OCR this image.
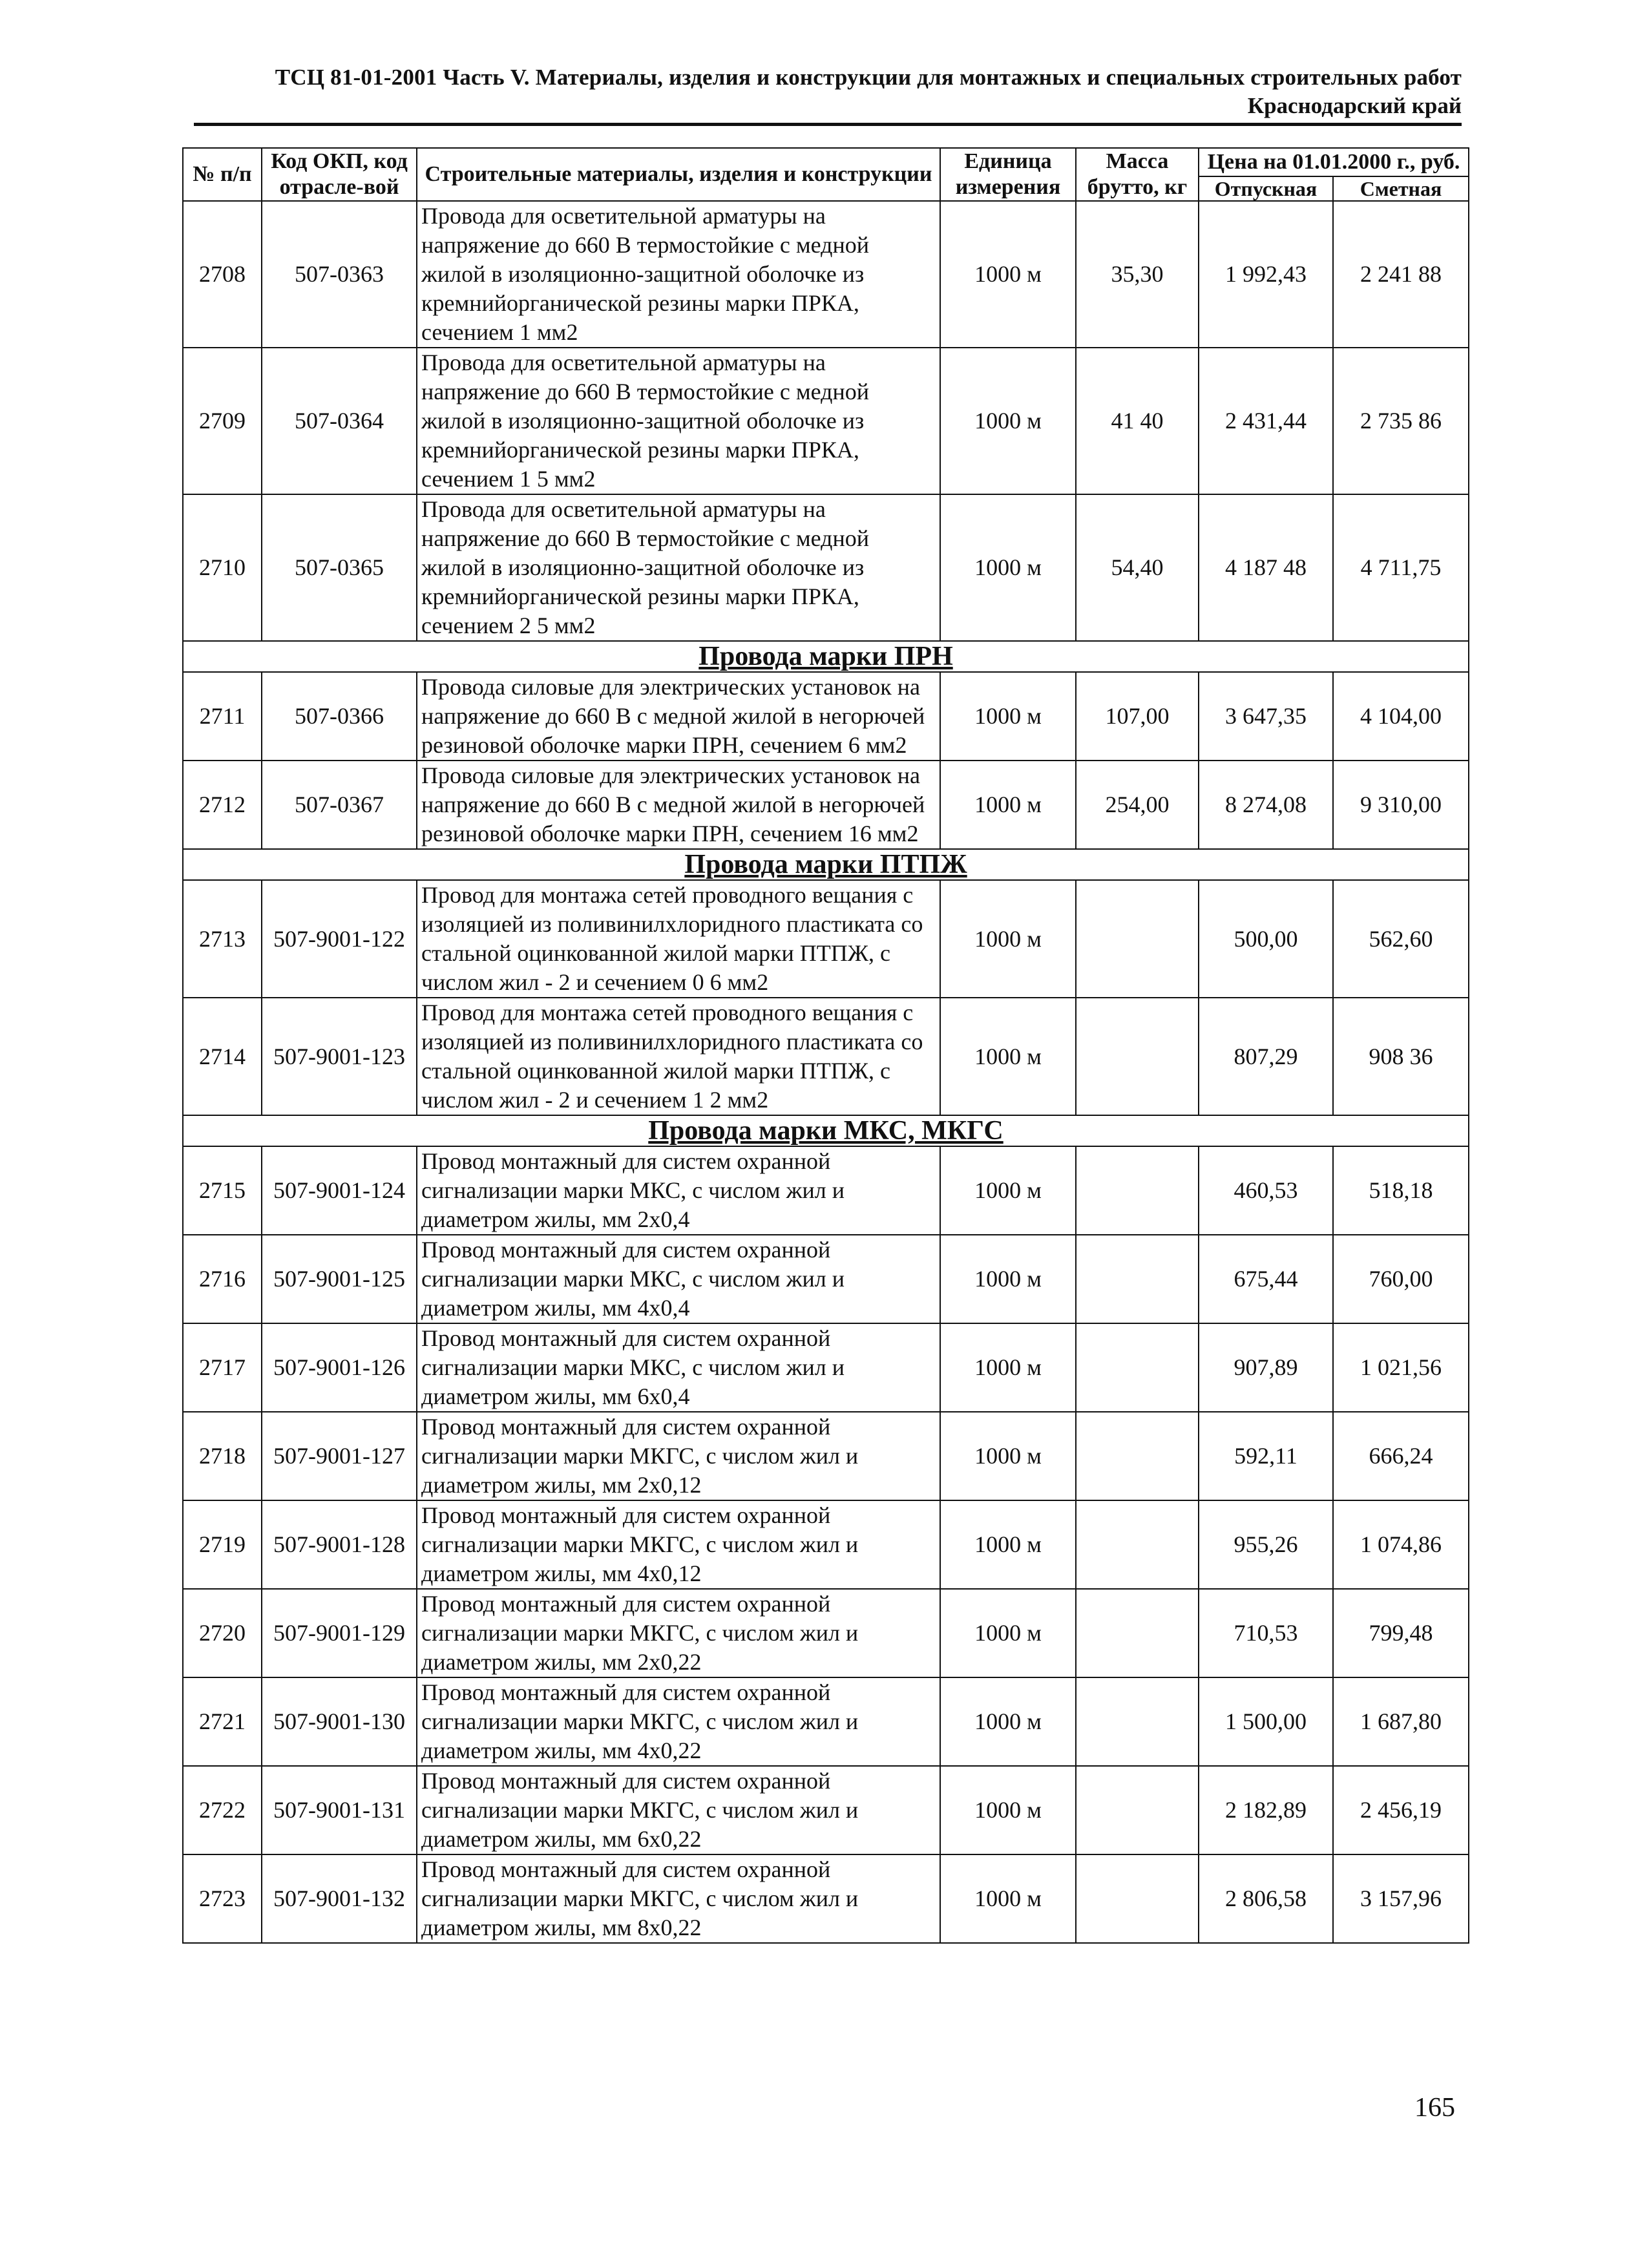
ТСЦ 81-01-2001 Часть V. Материалы, изделия и конструкции для монтажных и специальных строительных работ
Краснодарский край
№ п/п	Код ОКП, код отрасле-вой	Строительные материалы, изделия и конструкции	Единица измерения	Масса брутто, кг	Цена на 01.01.2000 г., руб.	
					Отпускная	Сметная
2708	507-0363	Провода для осветительной арматуры на напряжение до 660 В термостойкие с медной жилой в изоляционно-защитной оболочке из кремнийорганической резины марки ПРКА, сечением 1 мм2	1000 м	35,30	1 992,43	2 241 88
2709	507-0364	Провода для осветительной арматуры на напряжение до 660 В термостойкие с медной жилой в изоляционно-защитной оболочке из кремнийорганической резины марки ПРКА, сечением 1 5 мм2	1000 м	41 40	2 431,44	2 735 86
2710	507-0365	Провода для осветительной арматуры на напряжение до 660 В термостойкие с медной жилой в изоляционно-защитной оболочке из кремнийорганической резины марки ПРКА, сечением 2 5 мм2	1000 м	54,40	4 187 48	4 711,75
Провода марки ПРН						
2711	507-0366	Провода силовые для электрических установок на напряжение до 660 В с медной жилой в негорючей резиновой оболочке марки ПРН, сечением 6 мм2	1000 м	107,00	3 647,35	4 104,00
2712	507-0367	Провода силовые для электрических установок на напряжение до 660 В с медной жилой в негорючей резиновой оболочке марки ПРН, сечением 16 мм2	1000 м	254,00	8 274,08	9 310,00
Провода марки ПТПЖ						
2713	507-9001-122	Провод для монтажа сетей проводного вещания с изоляцией из поливинилхлоридного пластиката со стальной оцинкованной жилой марки ПТПЖ, с числом жил - 2 и сечением 0 6 мм2	1000 м		500,00	562,60
2714	507-9001-123	Провод для монтажа сетей проводного вещания с изоляцией из поливинилхлоридного пластиката со стальной оцинкованной жилой марки ПТПЖ, с числом жил - 2 и сечением 1 2 мм2	1000 м		807,29	908 36
Провода марки МКС, МКГС						
2715	507-9001-124	Провод монтажный для систем охранной сигнализации марки МКС, с числом жил и диаметром жилы, мм 2х0,4	1000 м		460,53	518,18
2716	507-9001-125	Провод монтажный для систем охранной сигнализации марки МКС, с числом жил и диаметром жилы, мм 4х0,4	1000 м		675,44	760,00
2717	507-9001-126	Провод монтажный для систем охранной сигнализации марки МКС, с числом жил и диаметром жилы, мм 6х0,4	1000 м		907,89	1 021,56
2718	507-9001-127	Провод монтажный для систем охранной сигнализации марки МКГС, с числом жил и диаметром жилы, мм 2х0,12	1000 м		592,11	666,24
2719	507-9001-128	Провод монтажный для систем охранной сигнализации марки МКГС, с числом жил и диаметром жилы, мм 4х0,12	1000 м		955,26	1 074,86
2720	507-9001-129	Провод монтажный для систем охранной сигнализации марки МКГС, с числом жил и диаметром жилы, мм 2х0,22	1000 м		710,53	799,48
2721	507-9001-130	Провод монтажный для систем охранной сигнализации марки МКГС, с числом жил и диаметром жилы, мм 4х0,22	1000 м		1 500,00	1 687,80
2722	507-9001-131	Провод монтажный для систем охранной сигнализации марки МКГС, с числом жил и диаметром жилы, мм 6х0,22	1000 м		2 182,89	2 456,19
2723	507-9001-132	Провод монтажный для систем охранной сигнализации марки МКГС, с числом жил и диаметром жилы, мм 8х0,22	1000 м		2 806,58	3 157,96
165
